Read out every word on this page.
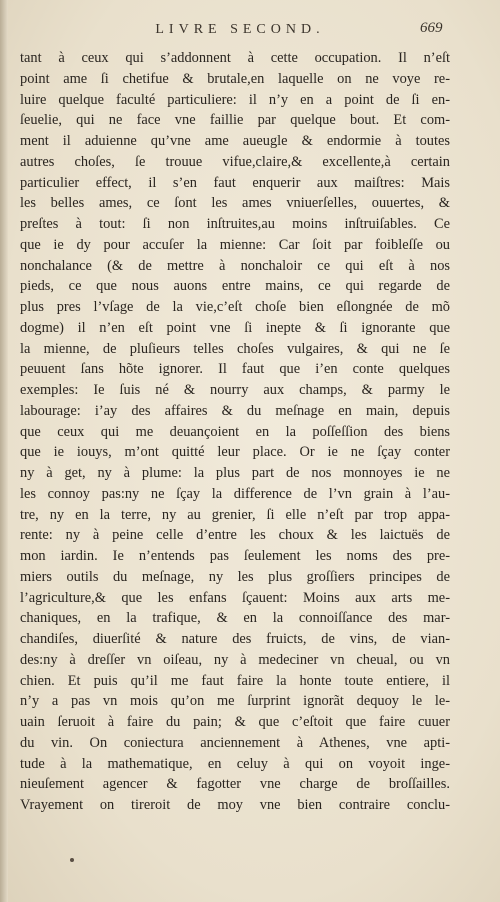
LIVRE SECOND.	669
tant à ceux qui s’addonnent à cette occupation. Il n’eſt
point ame ſi chetifue & brutale,en laquelle on ne voye re-
luire quelque faculté particuliere: il n’y en a point de ſi en-
ſeuelie, qui ne face vne faillie par quelque bout. Et com-
ment il aduienne qu’vne ame aueugle & endormie à toutes
autres choſes, ſe trouue vifue,claire,& excellente,à certain
particulier effect, il s’en faut enquerir aux maiſtres: Mais
les belles ames, ce ſont les ames vniuerſelles, ouuertes, &
preſtes à tout: ſi non inſtruites,au moins inſtruiſables. Ce
que ie dy pour accuſer la mienne: Car ſoit par foibleſſe ou
nonchalance (& de mettre à nonchaloir ce qui eſt à nos
pieds, ce que nous auons entre mains, ce qui regarde de
plus pres l’vſage de la vie,c’eſt choſe bien eſlongnée de mõ
dogme) il n’en eſt point vne ſi inepte & ſi ignorante que
la mienne, de pluſieurs telles choſes vulgaires, & qui ne ſe
peuuent ſans hõte ignorer. Il faut que i’en conte quelques
exemples: Ie ſuis né & nourry aux champs, & parmy le
labourage: i’ay des affaires & du meſnage en main, depuis
que ceux qui me deuançoient en la poſſeſſion des biens
que ie iouys, m’ont quitté leur place. Or ie ne ſçay conter
ny à get, ny à plume: la plus part de nos monnoyes ie ne
les connoy pas:ny ne ſçay la difference de l’vn grain à l’au-
tre, ny en la terre, ny au grenier, ſi elle n’eſt par trop appa-
rente: ny à peine celle d’entre les choux & les laictuës de
mon iardin. Ie n’entends pas ſeulement les noms des pre-
miers outils du meſnage, ny les plus groſſiers principes de
l’agriculture,& que les enfans ſçauent: Moins aux arts me-
chaniques, en la trafique, & en la connoiſſance des mar-
chandiſes, diuerſité & nature des fruicts, de vins, de vian-
des:ny à dreſſer vn oiſeau, ny à medeciner vn cheual, ou vn
chien. Et puis qu’il me faut faire la honte toute entiere, il
n’y a pas vn mois qu’on me ſurprint ignorãt dequoy le le-
uain ſeruoit à faire du pain; & que c’eſtoit que faire cuuer
du vin. On coniectura anciennement à Athenes, vne apti-
tude à la mathematique, en celuy à qui on voyoit inge-
nieuſement agencer & fagotter vne charge de broſſailles.
Vrayement on tireroit de moy vne bien contraire conclu-
